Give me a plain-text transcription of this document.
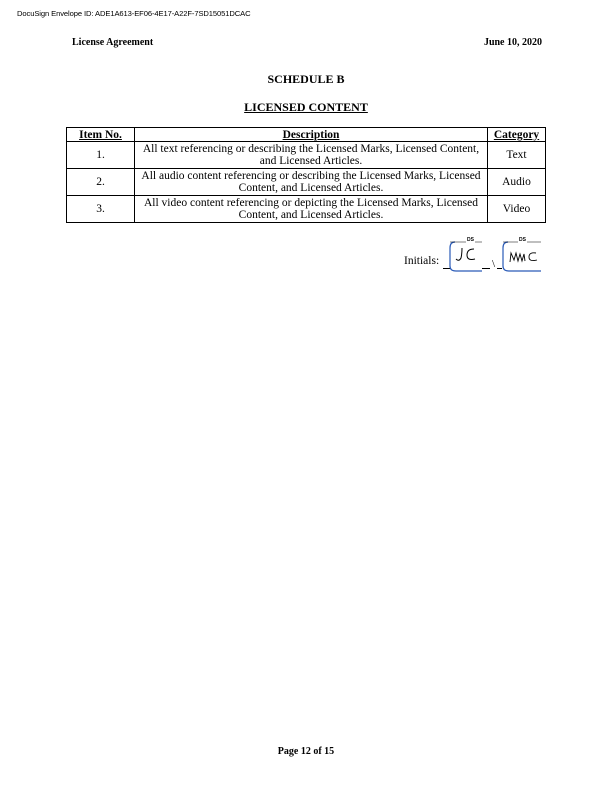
DocuSign Envelope ID: ADE1A613-EF06-4E17-A22F-7SD15051DCAC
License Agreement	June 10, 2020
SCHEDULE B
LICENSED CONTENT
Item No.	Description	Category
1.	All text referencing or describing the Licensed Marks, Licensed Content, and Licensed Articles.	Text
2.	All audio content referencing or describing the Licensed Marks, Licensed Content, and Licensed Articles.	Audio
3.	All video content referencing or depicting the Licensed Marks, Licensed Content, and Licensed Articles.	Video
Initials:
DS
\
DS
Page 12 of 15
